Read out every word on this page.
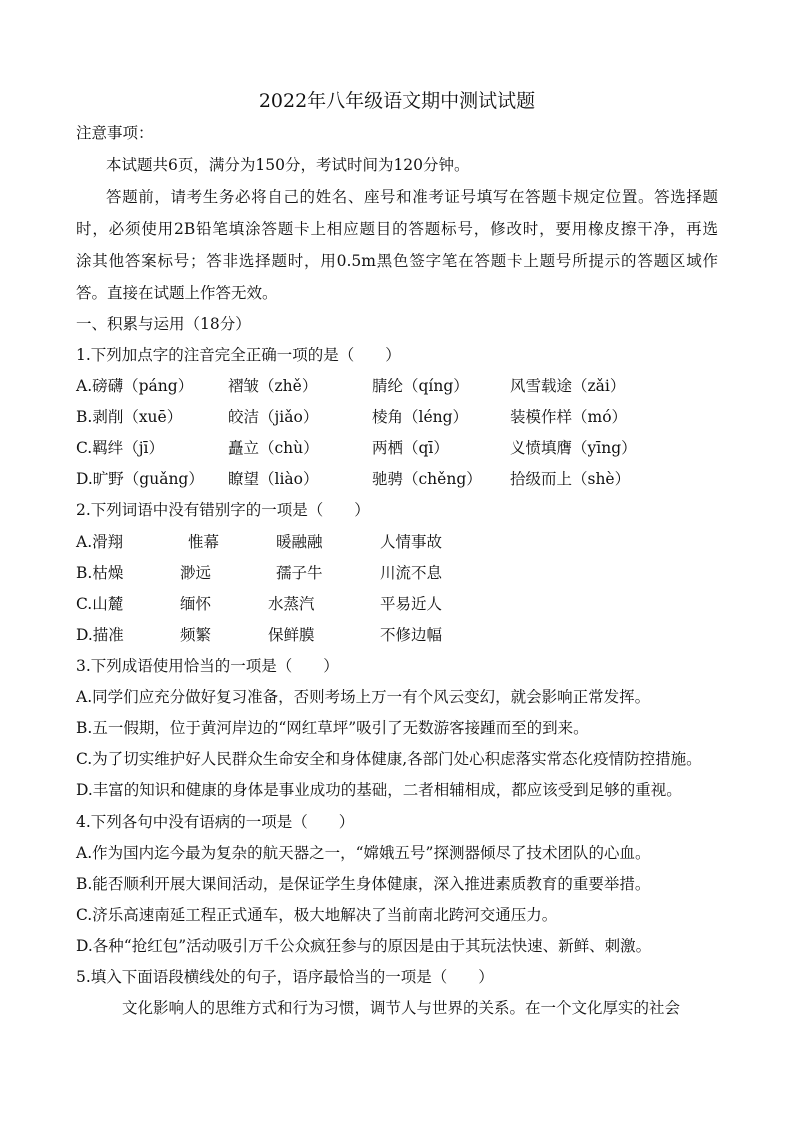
2022年八年级语文期中测试试题
注意事项：
本试题共6页，满分为150分，考试时间为120分钟。
答题前，请考生务必将自己的姓名、座号和准考证号填写在答题卡规定位置。答选择题
时，必须使用2B铅笔填涂答题卡上相应题目的答题标号，修改时，要用橡皮擦干净，再选
涂其他答案标号；答非选择题时，用0.5m黑色签字笔在答题卡上题号所提示的答题区域作
答。直接在试题上作答无效。
一、积累与运用（18分）
1.下列加点字的注音完全正确一项的是（　　）
A.磅礴（páng） 褶皱（zhě）	腈纶（qíng）	风雪载途（zǎi）
B.剥削（xuē）	皎洁（jiǎo）	棱角（léng）	装模作样（mó）
C.羁绊（jī）	矗立（chù）	两栖（qī）	义愤填膺（yīng）
D.旷野（guǎng） 瞭望（liào）	驰骋（chěng） 拾级而上（shè）
2.下列词语中没有错别字的一项是（　　）
A.滑翔	惟幕	暖融融	人情事故
B.枯燥	渺远	孺子牛	川流不息
C.山麓	缅怀	水蒸汽	平易近人
D.描准	频繁	保鲜膜	不修边幅
3.下列成语使用恰当的一项是（　　）
A.同学们应充分做好复习准备，否则考场上万一有个风云变幻，就会影响正常发挥。
B.五一假期，位于黄河岸边的“网红草坪”吸引了无数游客接踵而至的到来。
C.为了切实维护好人民群众生命安全和身体健康,各部门处心积虑落实常态化疫情防控措施。
D.丰富的知识和健康的身体是事业成功的基础，二者相辅相成，都应该受到足够的重视。
4.下列各句中没有语病的一项是（　　）
A.作为国内迄今最为复杂的航天器之一，“嫦娥五号”探测器倾尽了技术团队的心血。
B.能否顺利开展大课间活动，是保证学生身体健康，深入推进素质教育的重要举措。
C.济乐高速南延工程正式通车，极大地解决了当前南北跨河交通压力。
D.各种“抢红包”活动吸引万千公众疯狂参与的原因是由于其玩法快速、新鲜、刺激。
5.填入下面语段横线处的句子，语序最恰当的一项是（　　）
文化影响人的思维方式和行为习惯，调节人与世界的关系。在一个文化厚实的社会
